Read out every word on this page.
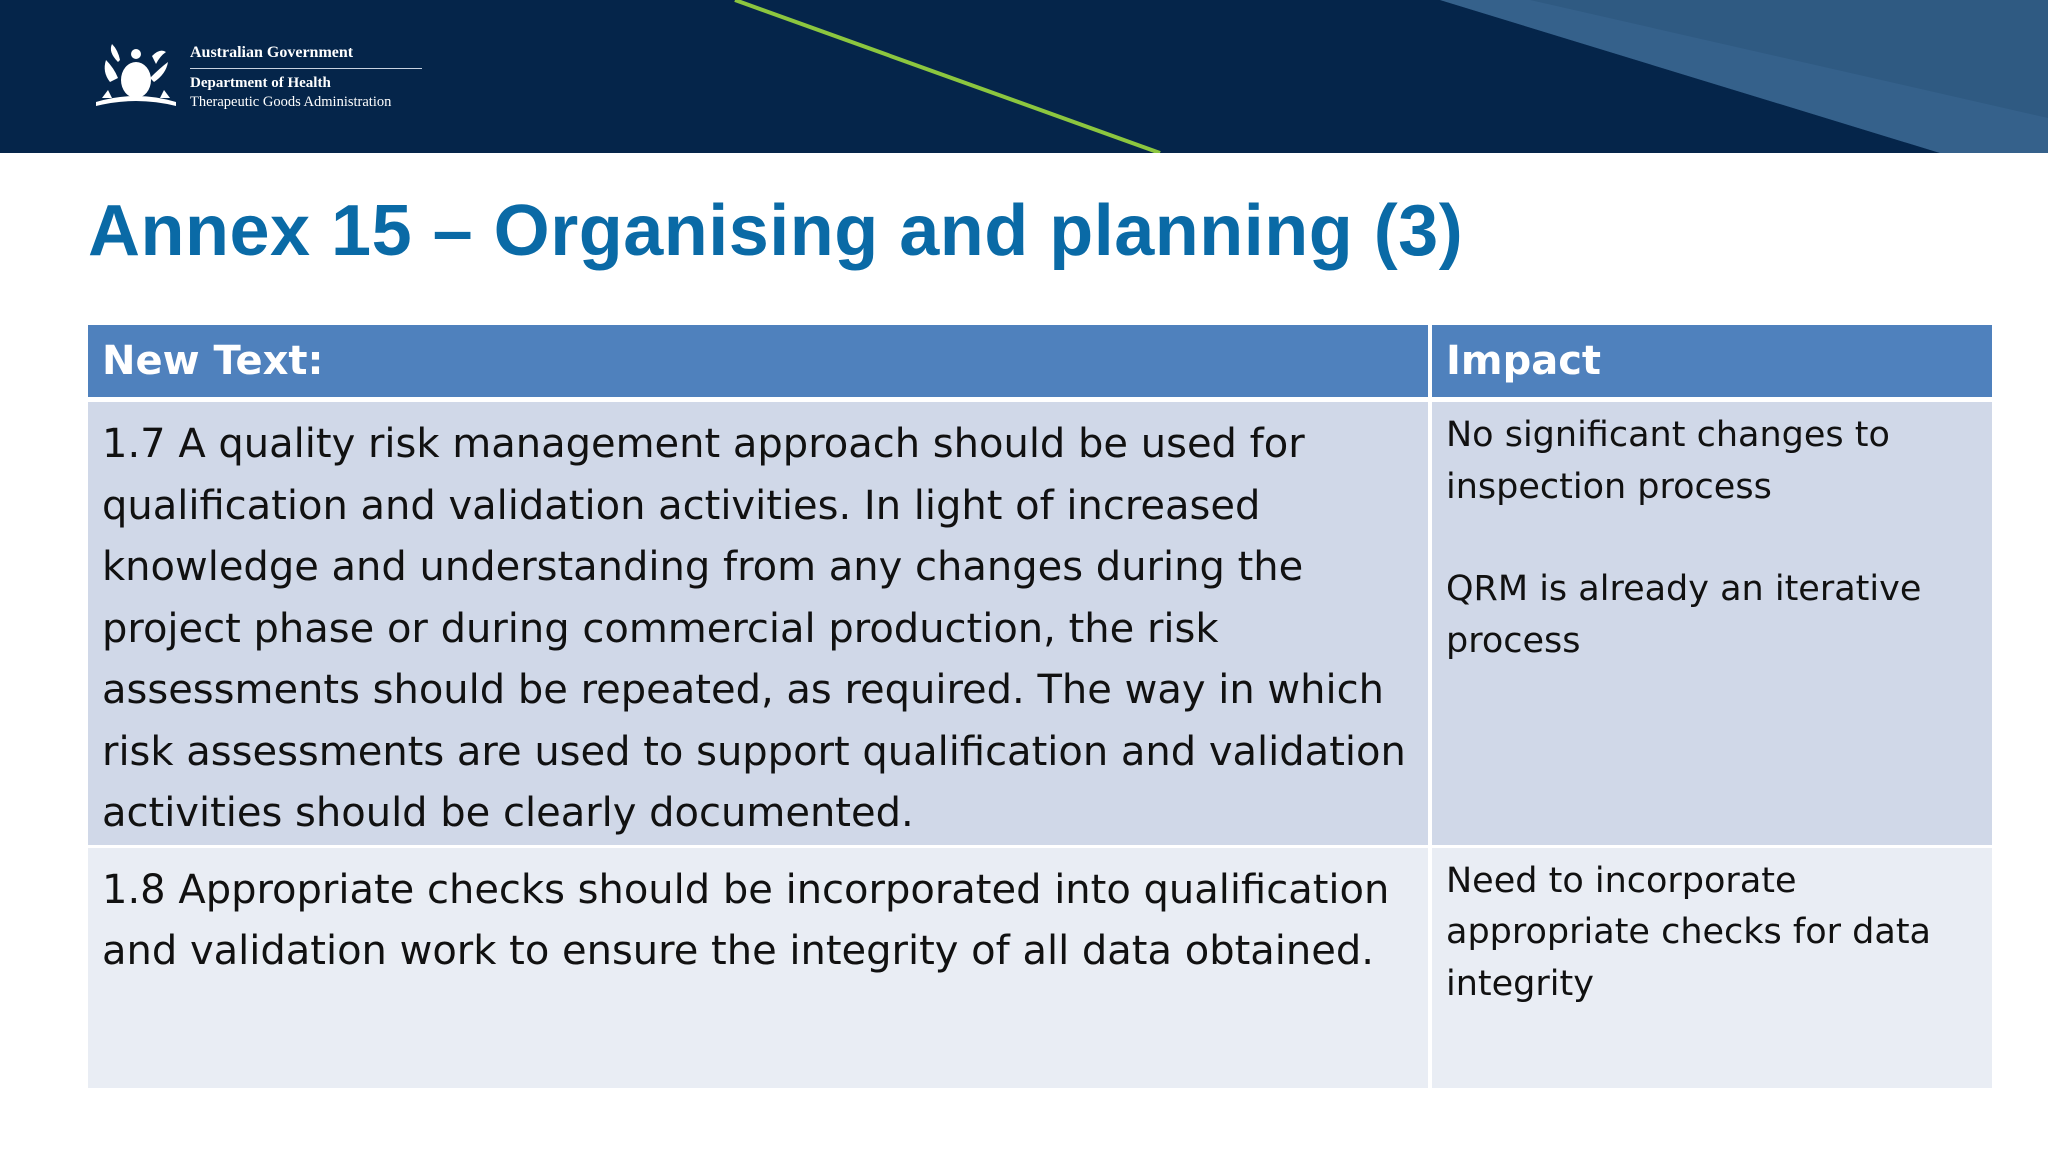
Australian Government
Department of Health
Therapeutic Goods Administration
Annex 15 – Organising and planning (3)
New Text:	Impact
1.7 A quality risk management approach should be used for qualification and validation activities. In light of increased knowledge and understanding from any changes during the project phase or during commercial production, the risk assessments should be repeated, as required. The way in which risk assessments are used to support qualification and validation activities should be clearly documented.	No significant changes to inspection process
QRM is already an iterative process

1.8 Appropriate checks should be incorporated into qualification and validation work to ensure the integrity of all data obtained.	Need to incorporate appropriate checks for data integrity
